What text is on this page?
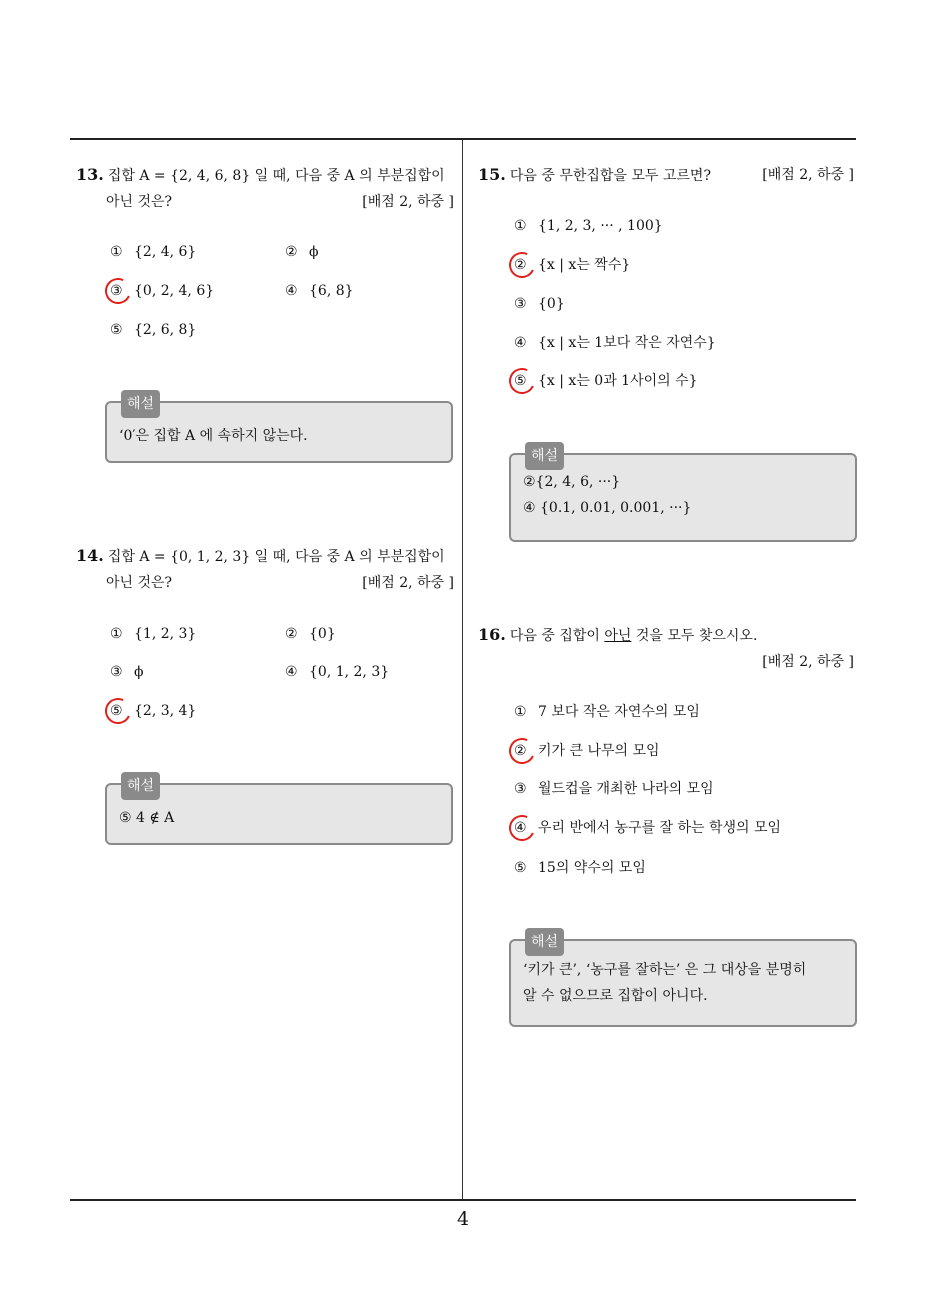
4
13. 집합 A = {2, 4, 6, 8} 일 때, 다음 중 A 의 부분집합이
아닌 것은?	[배점 2, 하중 ]
① {2, 4, 6}	② ϕ
③ {0, 2, 4, 6}	④ {6, 8}
⑤ {2, 6, 8}
해설
‘0′은 집합 A 에 속하지 않는다.
14. 집합 A = {0, 1, 2, 3} 일 때, 다음 중 A 의 부분집합이
아닌 것은?	[배점 2, 하중 ]
① {1, 2, 3}	② {0}
③ ϕ	④ {0, 1, 2, 3}
⑤ {2, 3, 4}
해설
⑤ 4 ∉ A
15. 다음 중 무한집합을 모두 고르면?	[배점 2, 하중 ]
① {1, 2, 3, ··· , 100}
② {x | x는 짝수}
③ {0}
④ {x | x는 1보다 작은 자연수}
⑤ {x | x는 0과 1사이의 수}
해설
②{2, 4, 6, ···}
④ {0.1, 0.01, 0.001, ···}
16. 다음 중 집합이 아닌 것을 모두 찾으시오.
[배점 2, 하중 ]
① 7 보다 작은 자연수의 모임
② 키가 큰 나무의 모임
③ 월드컵을 개최한 나라의 모임
④ 우리 반에서 농구를 잘 하는 학생의 모임
⑤ 15의 약수의 모임
해설
‘키가 큰’, ‘농구를 잘하는’ 은 그 대상을 분명히
알 수 없으므로 집합이 아니다.
